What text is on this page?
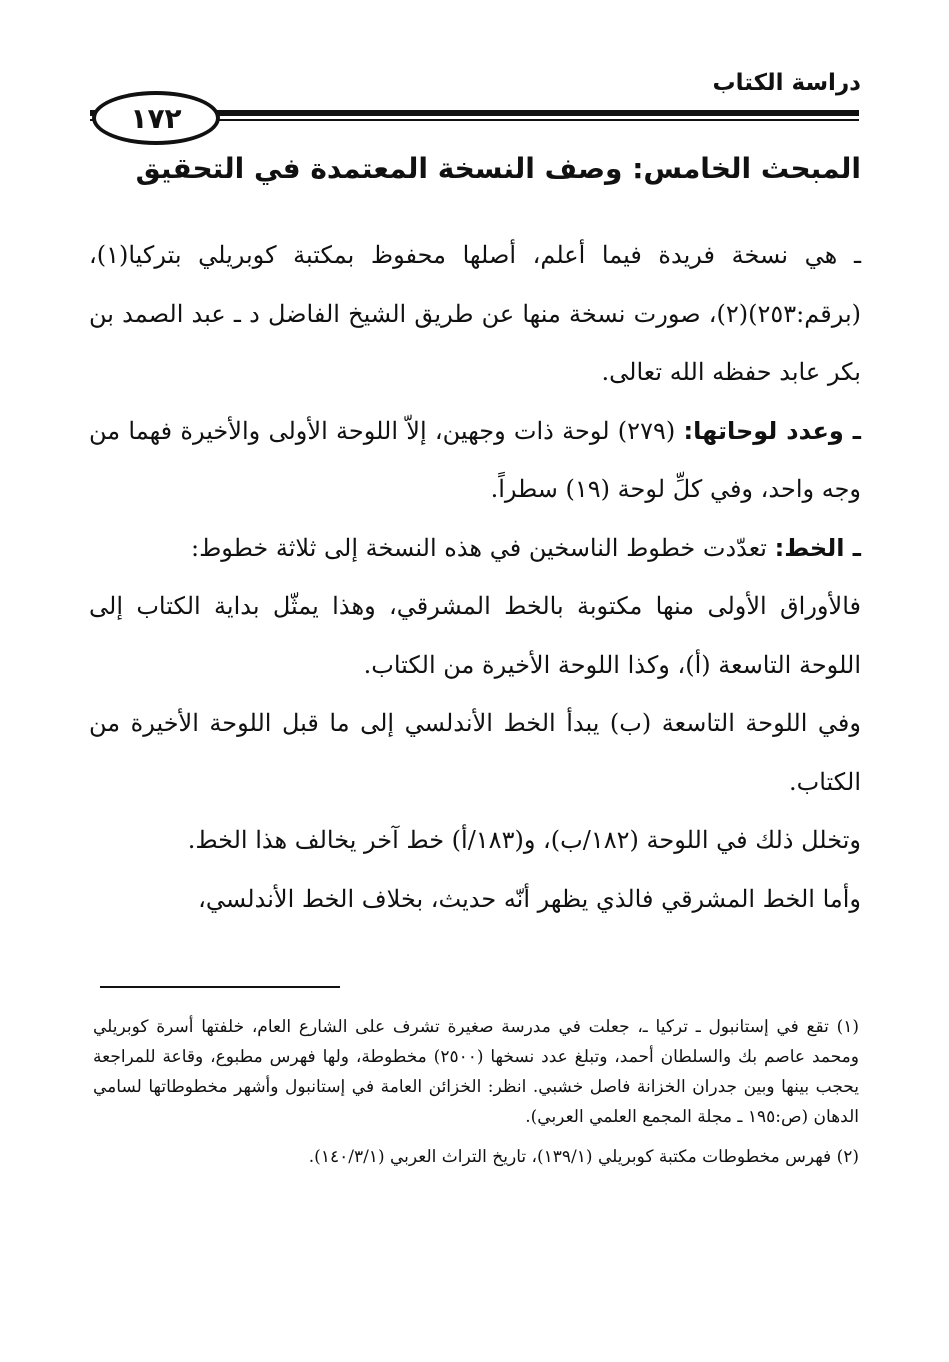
دراسة الكتاب
١٧٢
المبحث الخامس: وصف النسخة المعتمدة في التحقيق

ـ هي نسخة فريدة فيما أعلم، أصلها محفوظ بمكتبة كوبريلي بتركيا(١)، (برقم:٢٥٣)(٢)، صورت نسخة منها عن طريق الشيخ الفاضل د ـ عبد الصمد بن بكر عابد حفظه الله تعالى.

ـ وعدد لوحاتها: (٢٧٩) لوحة ذات وجهين، إلاّ اللوحة الأولى والأخيرة فهما من وجه واحد، وفي كلِّ لوحة (١٩) سطراً.

ـ الخط: تعدّدت خطوط الناسخين في هذه النسخة إلى ثلاثة خطوط:

فالأوراق الأولى منها مكتوبة بالخط المشرقي، وهذا يمثّل بداية الكتاب إلى اللوحة التاسعة (أ)، وكذا اللوحة الأخيرة من الكتاب.

وفي اللوحة التاسعة (ب) يبدأ الخط الأندلسي إلى ما قبل اللوحة الأخيرة من الكتاب.

وتخلل ذلك في اللوحة (١٨٢/ب)، و(١٨٣/أ) خط آخر يخالف هذا الخط.

وأما الخط المشرقي فالذي يظهر أنّه حديث، بخلاف الخط الأندلسي،

(١) تقع في إستانبول ـ تركيا ـ، جعلت في مدرسة صغيرة تشرف على الشارع العام، خلفتها أسرة كوبريلي ومحمد عاصم بك والسلطان أحمد، وتبلغ عدد نسخها (٢٥٠٠) مخطوطة، ولها فهرس مطبوع، وقاعة للمراجعة يحجب بينها وبين جدران الخزانة فاصل خشبي. انظر: الخزائن العامة في إستانبول وأشهر مخطوطاتها لسامي الدهان (ص:١٩٥ ـ مجلة المجمع العلمي العربي).

(٢) فهرس مخطوطات مكتبة كوبريلي (١٣٩/١)، تاريخ التراث العربي (١٤٠/٣/١).
